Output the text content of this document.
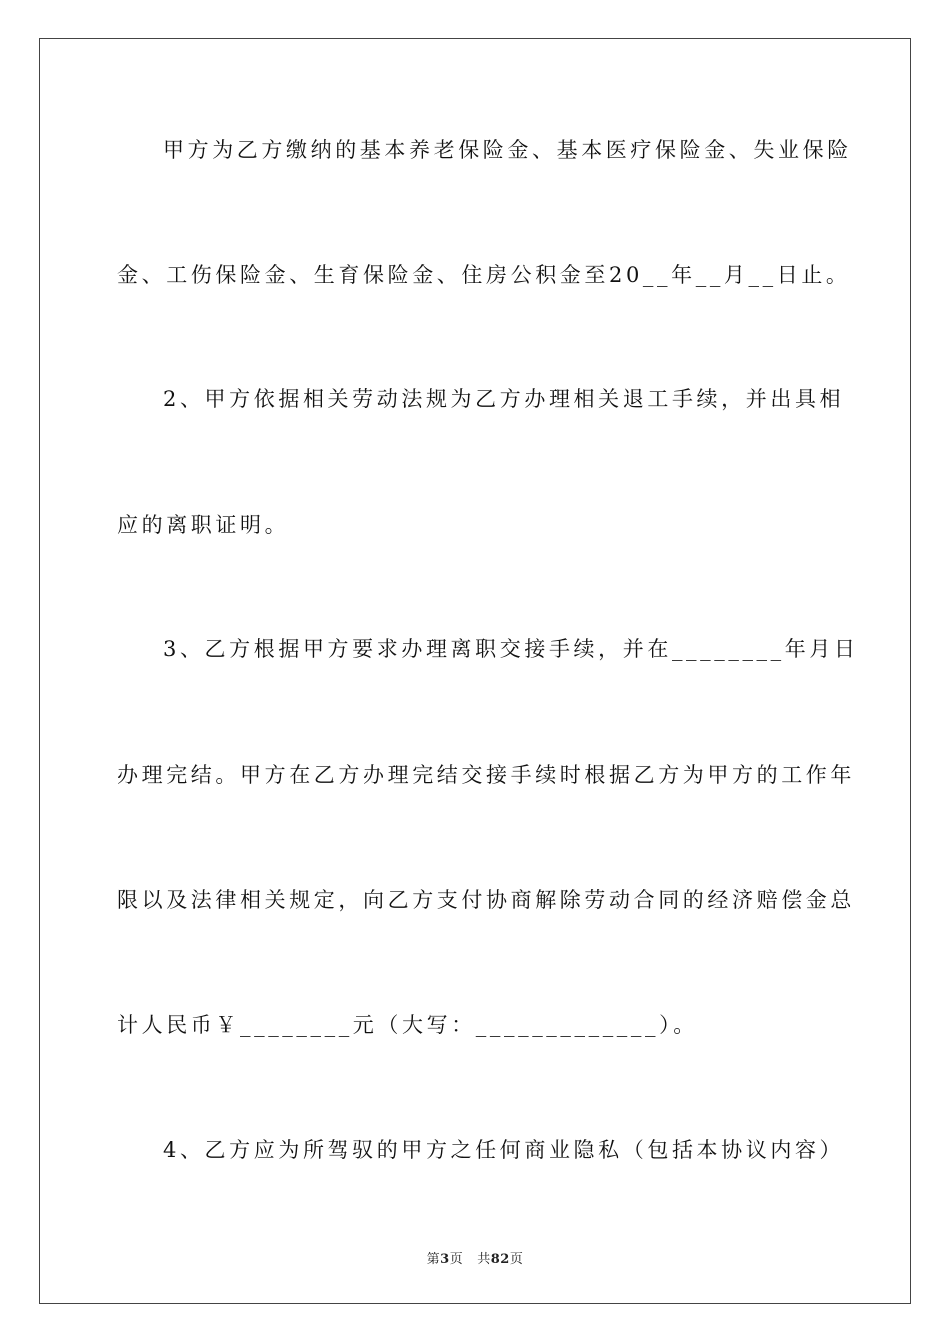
甲方为乙方缴纳的基本养老保险金、基本医疗保险金、失业保险

金、工伤保险金、生育保险金、住房公积金至20__年__月__日止。

2、甲方依据相关劳动法规为乙方办理相关退工手续，并出具相

应的离职证明。

3、乙方根据甲方要求办理离职交接手续，并在________年月日

办理完结。甲方在乙方办理完结交接手续时根据乙方为甲方的工作年

限以及法律相关规定，向乙方支付协商解除劳动合同的经济赔偿金总

计人民币￥________元（大写：_____________）。

4、乙方应为所驾驭的甲方之任何商业隐私（包括本协议内容）

第3页 共82页
